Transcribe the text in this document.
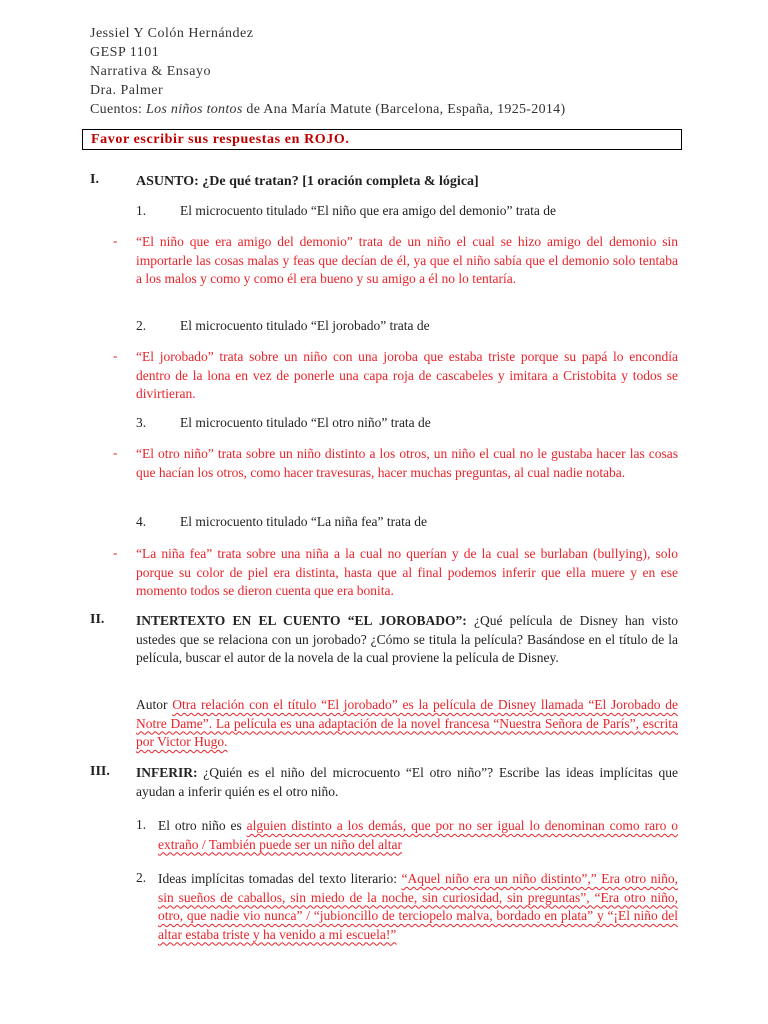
Jessiel Y Colón Hernández
GESP 1101
Narrativa & Ensayo
Dra. Palmer
Cuentos: Los niños tontos de Ana María Matute (Barcelona, España, 1925-2014)
Favor escribir sus respuestas en ROJO.
I.	ASUNTO: ¿De qué tratan? [1 oración completa & lógica]
1.	El microcuento titulado “El niño que era amigo del demonio” trata de
- “El niño que era amigo del demonio” trata de un niño el cual se hizo amigo del demonio sin importarle las cosas malas y feas que decían de él, ya que el niño sabía que el demonio solo tentaba a los malos y como y como él era bueno y su amigo a él no lo tentaría.
2.	El microcuento titulado “El jorobado” trata de
- “El jorobado” trata sobre un niño con una joroba que estaba triste porque su papá lo encondía dentro de la lona en vez de ponerle una capa roja de cascabeles y imitara a Cristobita y todos se divirtieran.
3.	El microcuento titulado “El otro niño” trata de
- “El otro niño” trata sobre un niño distinto a los otros, un niño el cual no le gustaba hacer las cosas que hacían los otros, como hacer travesuras, hacer muchas preguntas, al cual nadie notaba.
4.	El microcuento titulado “La niña fea” trata de
- “La niña fea” trata sobre una niña a la cual no querían y de la cual se burlaban (bullying), solo porque su color de piel era distinta, hasta que al final podemos inferir que ella muere y en ese momento todos se dieron cuenta que era bonita.
II. INTERTEXTO EN EL CUENTO “EL JOROBADO”: ¿Qué película de Disney han visto ustedes que se relaciona con un jorobado? ¿Cómo se titula la película? Basándose en el título de la película, buscar el autor de la novela de la cual proviene la película de Disney.
Autor Otra relación con el título “El jorobado” es la película de Disney llamada “El Jorobado de Notre Dame”. La película es una adaptación de la novel francesa “Nuestra Señora de París”, escrita por Victor Hugo.
III. INFERIR: ¿Quién es el niño del microcuento “El otro niño”? Escribe las ideas implícitas que ayudan a inferir quién es el otro niño.
1. El otro niño es alguien distinto a los demás, que por no ser igual lo denominan como raro o extraño / También puede ser un niño del altar
2. Ideas implícitas tomadas del texto literario: “Aquel niño era un niño distinto”,” Era otro niño, sin sueños de caballos, sin miedo de la noche, sin curiosidad, sin preguntas”, “Era otro niño, otro, que nadie vio nunca” / “jubioncillo de terciopelo malva, bordado en plata” y “¡El niño del altar estaba triste y ha venido a mi escuela!”
